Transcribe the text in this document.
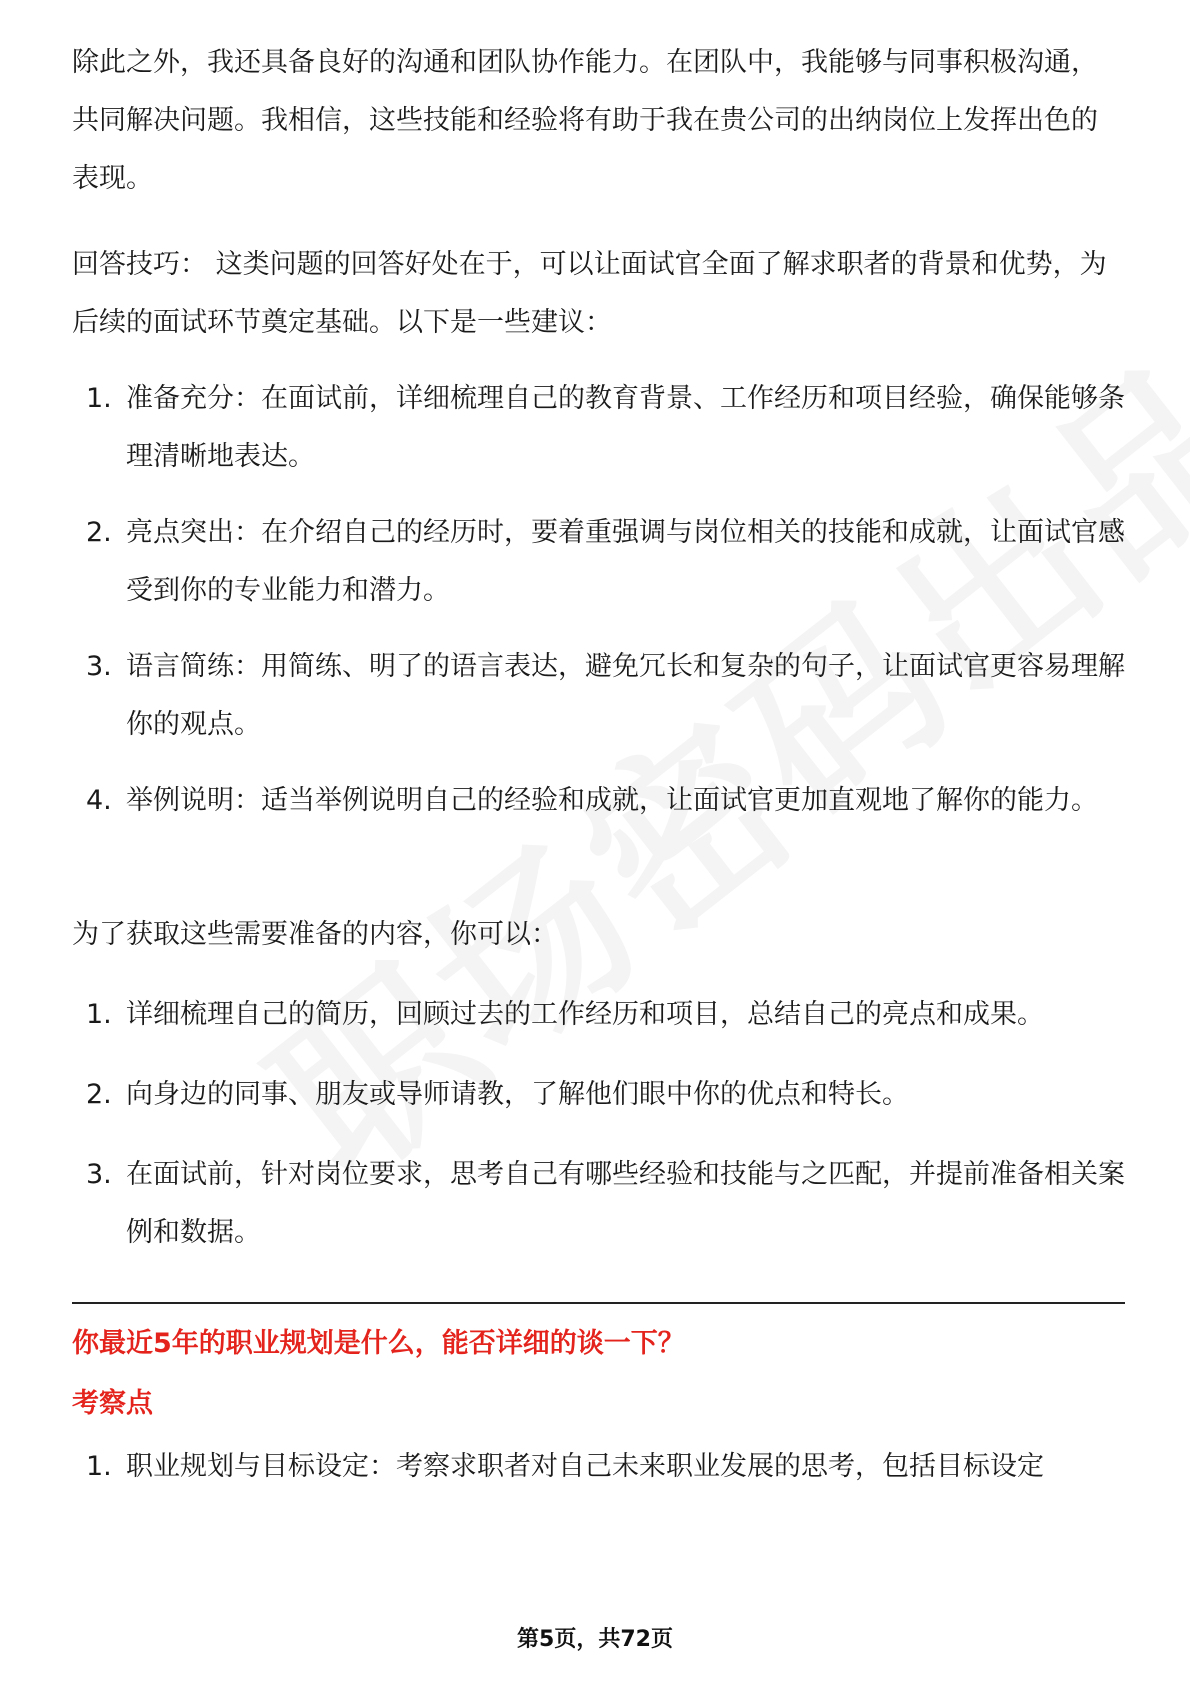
除此之外，我还具备良好的沟通和团队协作能力。在团队中，我能够与同事积极沟通，共同解决问题。我相信，这些技能和经验将有助于我在贵公司的出纳岗位上发挥出色的表现。

回答技巧： 这类问题的回答好处在于，可以让面试官全面了解求职者的背景和优势，为后续的面试环节奠定基础。以下是一些建议：

1. 准备充分：在面试前，详细梳理自己的教育背景、工作经历和项目经验，确保能够条理清晰地表达。
2. 亮点突出：在介绍自己的经历时，要着重强调与岗位相关的技能和成就，让面试官感受到你的专业能力和潜力。
3. 语言简练：用简练、明了的语言表达，避免冗长和复杂的句子，让面试官更容易理解你的观点。
4. 举例说明：适当举例说明自己的经验和成就，让面试官更加直观地了解你的能力。

为了获取这些需要准备的内容，你可以：

1. 详细梳理自己的简历，回顾过去的工作经历和项目，总结自己的亮点和成果。
2. 向身边的同事、朋友或导师请教，了解他们眼中你的优点和特长。
3. 在面试前，针对岗位要求，思考自己有哪些经验和技能与之匹配，并提前准备相关案例和数据。
你最近5年的职业规划是什么，能否详细的谈一下？
考察点
1. 职业规划与目标设定：考察求职者对自己未来职业发展的思考，包括目标设定
第5页，共72页
